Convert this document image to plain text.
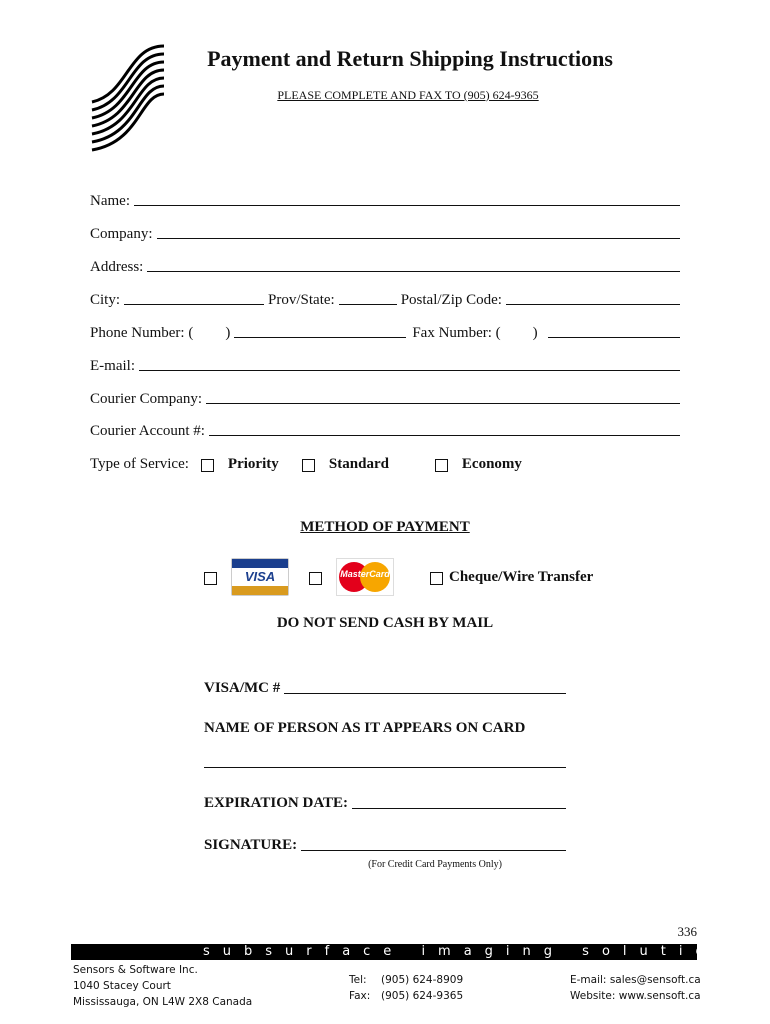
Payment and Return Shipping Instructions
PLEASE COMPLETE AND FAX TO (905) 624-9365
Name:
Company:
Address:
City:	Prov/State:	Postal/Zip Code:
Phone Number: ( )	Fax Number: ( )
E-mail:
Courier Company:
Courier Account #:
Type of Service:	Priority	Standard	Economy
METHOD OF PAYMENT
VISA	MasterCard	Cheque/Wire Transfer
DO NOT SEND CASH BY MAIL
VISA/MC #
NAME OF PERSON AS IT APPEARS ON CARD
EXPIRATION DATE:
SIGNATURE:
(For Credit Card Payments Only)
336
subsurface imaging solutions
Sensors & Software Inc.
1040 Stacey Court
Mississauga, ON L4W 2X8 Canada
Tel: (905) 624-8909
Fax: (905) 624-9365
E-mail: sales@sensoft.ca
Website: www.sensoft.ca
